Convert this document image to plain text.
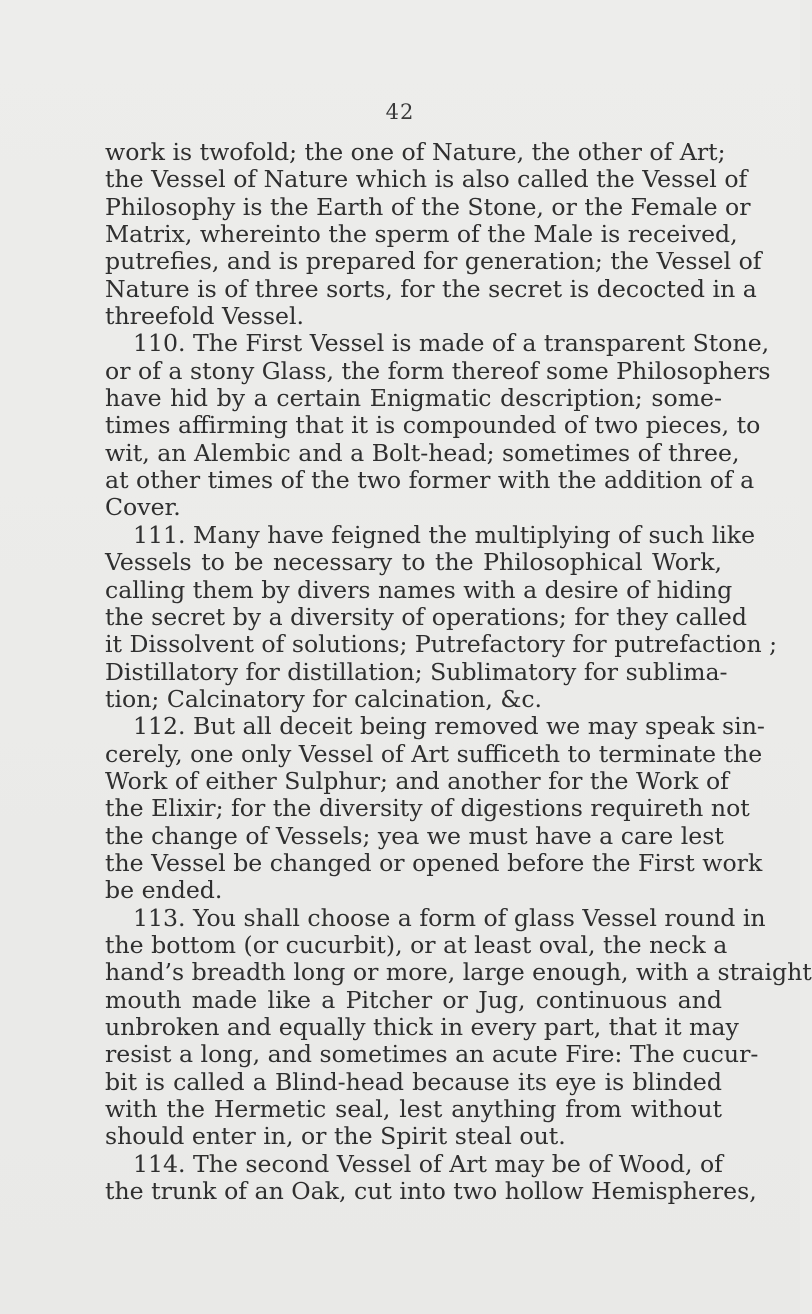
42
work is twofold; the one of Nature, the other of Art;
the Vessel of Nature which is also called the Vessel of
Philosophy is the Earth of the Stone, or the Female or
Matrix, whereinto the sperm of the Male is received,
putrefies, and is prepared for generation; the Vessel of
Nature is of three sorts, for the secret is decocted in a
threefold Vessel.
110. The First Vessel is made of a transparent Stone,
or of a stony Glass, the form thereof some Philosophers
have hid by a certain Enigmatic description; some-
times affirming that it is compounded of two pieces, to
wit, an Alembic and a Bolt-head; sometimes of three,
at other times of the two former with the addition of a
Cover.
111. Many have feigned the multiplying of such like
Vessels to be necessary to the Philosophical Work,
calling them by divers names with a desire of hiding
the secret by a diversity of operations; for they called
it Dissolvent of solutions; Putrefactory for putrefaction ;
Distillatory for distillation; Sublimatory for sublima-
tion; Calcinatory for calcination, &c.
112. But all deceit being removed we may speak sin-
cerely, one only Vessel of Art sufficeth to terminate the
Work of either Sulphur; and another for the Work of
the Elixir; for the diversity of digestions requireth not
the change of Vessels; yea we must have a care lest
the Vessel be changed or opened before the First work
be ended.
113. You shall choose a form of glass Vessel round in
the bottom (or cucurbit), or at least oval, the neck a
hand’s breadth long or more, large enough, with a straight
mouth made like a Pitcher or Jug, continuous and
unbroken and equally thick in every part, that it may
resist a long, and sometimes an acute Fire: The cucur-
bit is called a Blind-head because its eye is blinded
with the Hermetic seal, lest anything from without
should enter in, or the Spirit steal out.
114. The second Vessel of Art may be of Wood, of
the trunk of an Oak, cut into two hollow Hemispheres,
